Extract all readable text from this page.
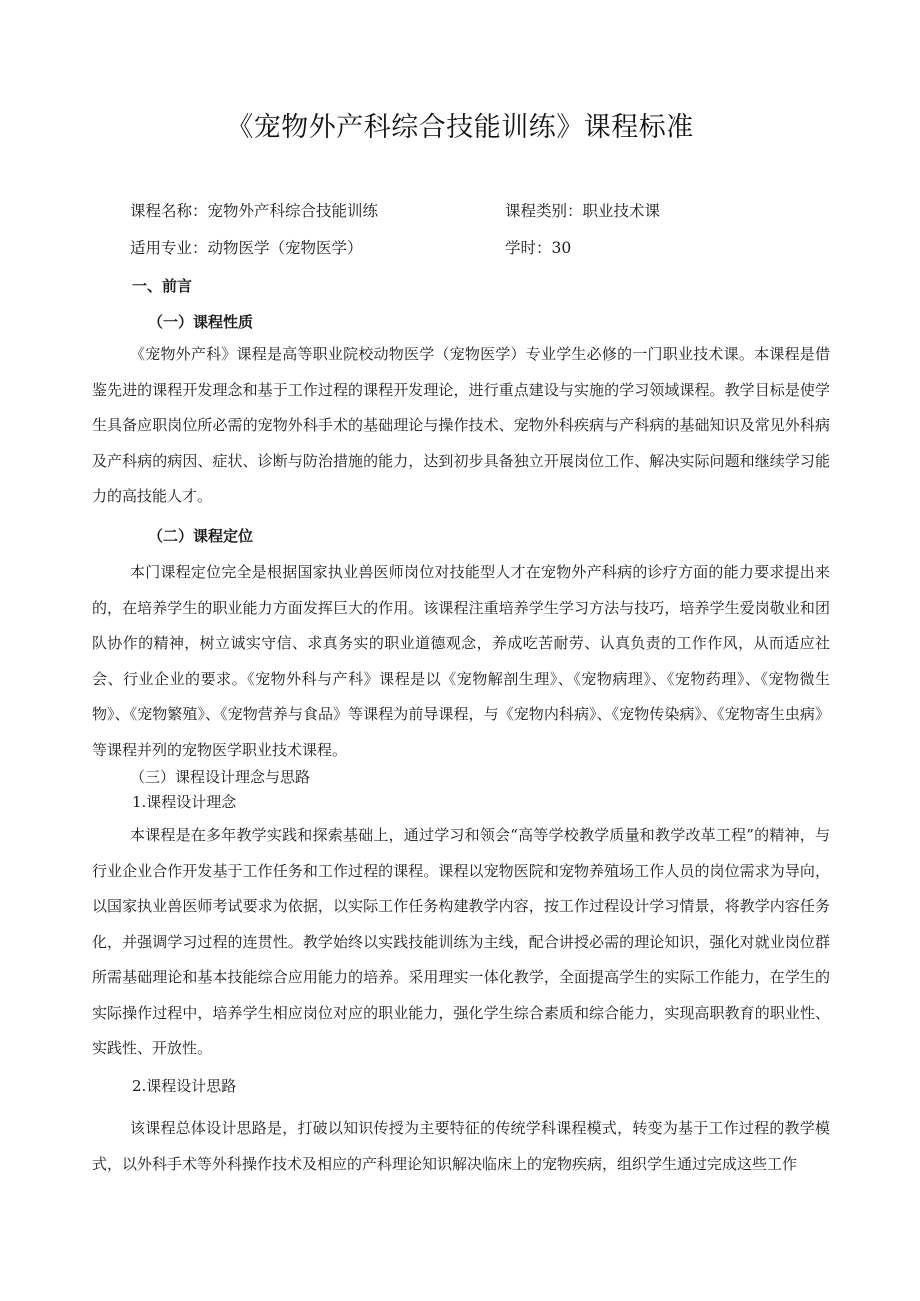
《宠物外产科综合技能训练》课程标准
课程名称：宠物外产科综合技能训练	课程类别：职业技术课
适用专业：动物医学（宠物医学）	学时：30
一、前言
（一）课程性质

《宠物外产科》课程是高等职业院校动物医学（宠物医学）专业学生必修的一门职业技术课。本课程是借鉴先进的课程开发理念和基于工作过程的课程开发理论，进行重点建设与实施的学习领域课程。教学目标是使学生具备应职岗位所必需的宠物外科手术的基础理论与操作技术、宠物外科疾病与产科病的基础知识及常见外科病及产科病的病因、症状、诊断与防治措施的能力，达到初步具备独立开展岗位工作、解决实际问题和继续学习能力的高技能人才。

（二）课程定位

本门课程定位完全是根据国家执业兽医师岗位对技能型人才在宠物外产科病的诊疗方面的能力要求提出来的，在培养学生的职业能力方面发挥巨大的作用。该课程注重培养学生学习方法与技巧，培养学生爱岗敬业和团队协作的精神，树立诚实守信、求真务实的职业道德观念，养成吃苦耐劳、认真负责的工作作风，从而适应社会、行业企业的要求。《宠物外科与产科》课程是以《宠物解剖生理》、《宠物病理》、《宠物药理》、《宠物微生物》、《宠物繁殖》、《宠物营养与食品》等课程为前导课程，与《宠物内科病》、《宠物传染病》、《宠物寄生虫病》等课程并列的宠物医学职业技术课程。

（三）课程设计理念与思路
1.课程设计理念

本课程是在多年教学实践和探索基础上，通过学习和领会“高等学校教学质量和教学改革工程”的精神，与行业企业合作开发基于工作任务和工作过程的课程。课程以宠物医院和宠物养殖场工作人员的岗位需求为导向，以国家执业兽医师考试要求为依据，以实际工作任务构建教学内容，按工作过程设计学习情景，将教学内容任务化，并强调学习过程的连贯性。教学始终以实践技能训练为主线，配合讲授必需的理论知识，强化对就业岗位群所需基础理论和基本技能综合应用能力的培养。采用理实一体化教学，全面提高学生的实际工作能力，在学生的实际操作过程中，培养学生相应岗位对应的职业能力，强化学生综合素质和综合能力，实现高职教育的职业性、实践性、开放性。

2.课程设计思路

该课程总体设计思路是，打破以知识传授为主要特征的传统学科课程模式，转变为基于工作过程的教学模式，以外科手术等外科操作技术及相应的产科理论知识解决临床上的宠物疾病，组织学生通过完成这些工作
